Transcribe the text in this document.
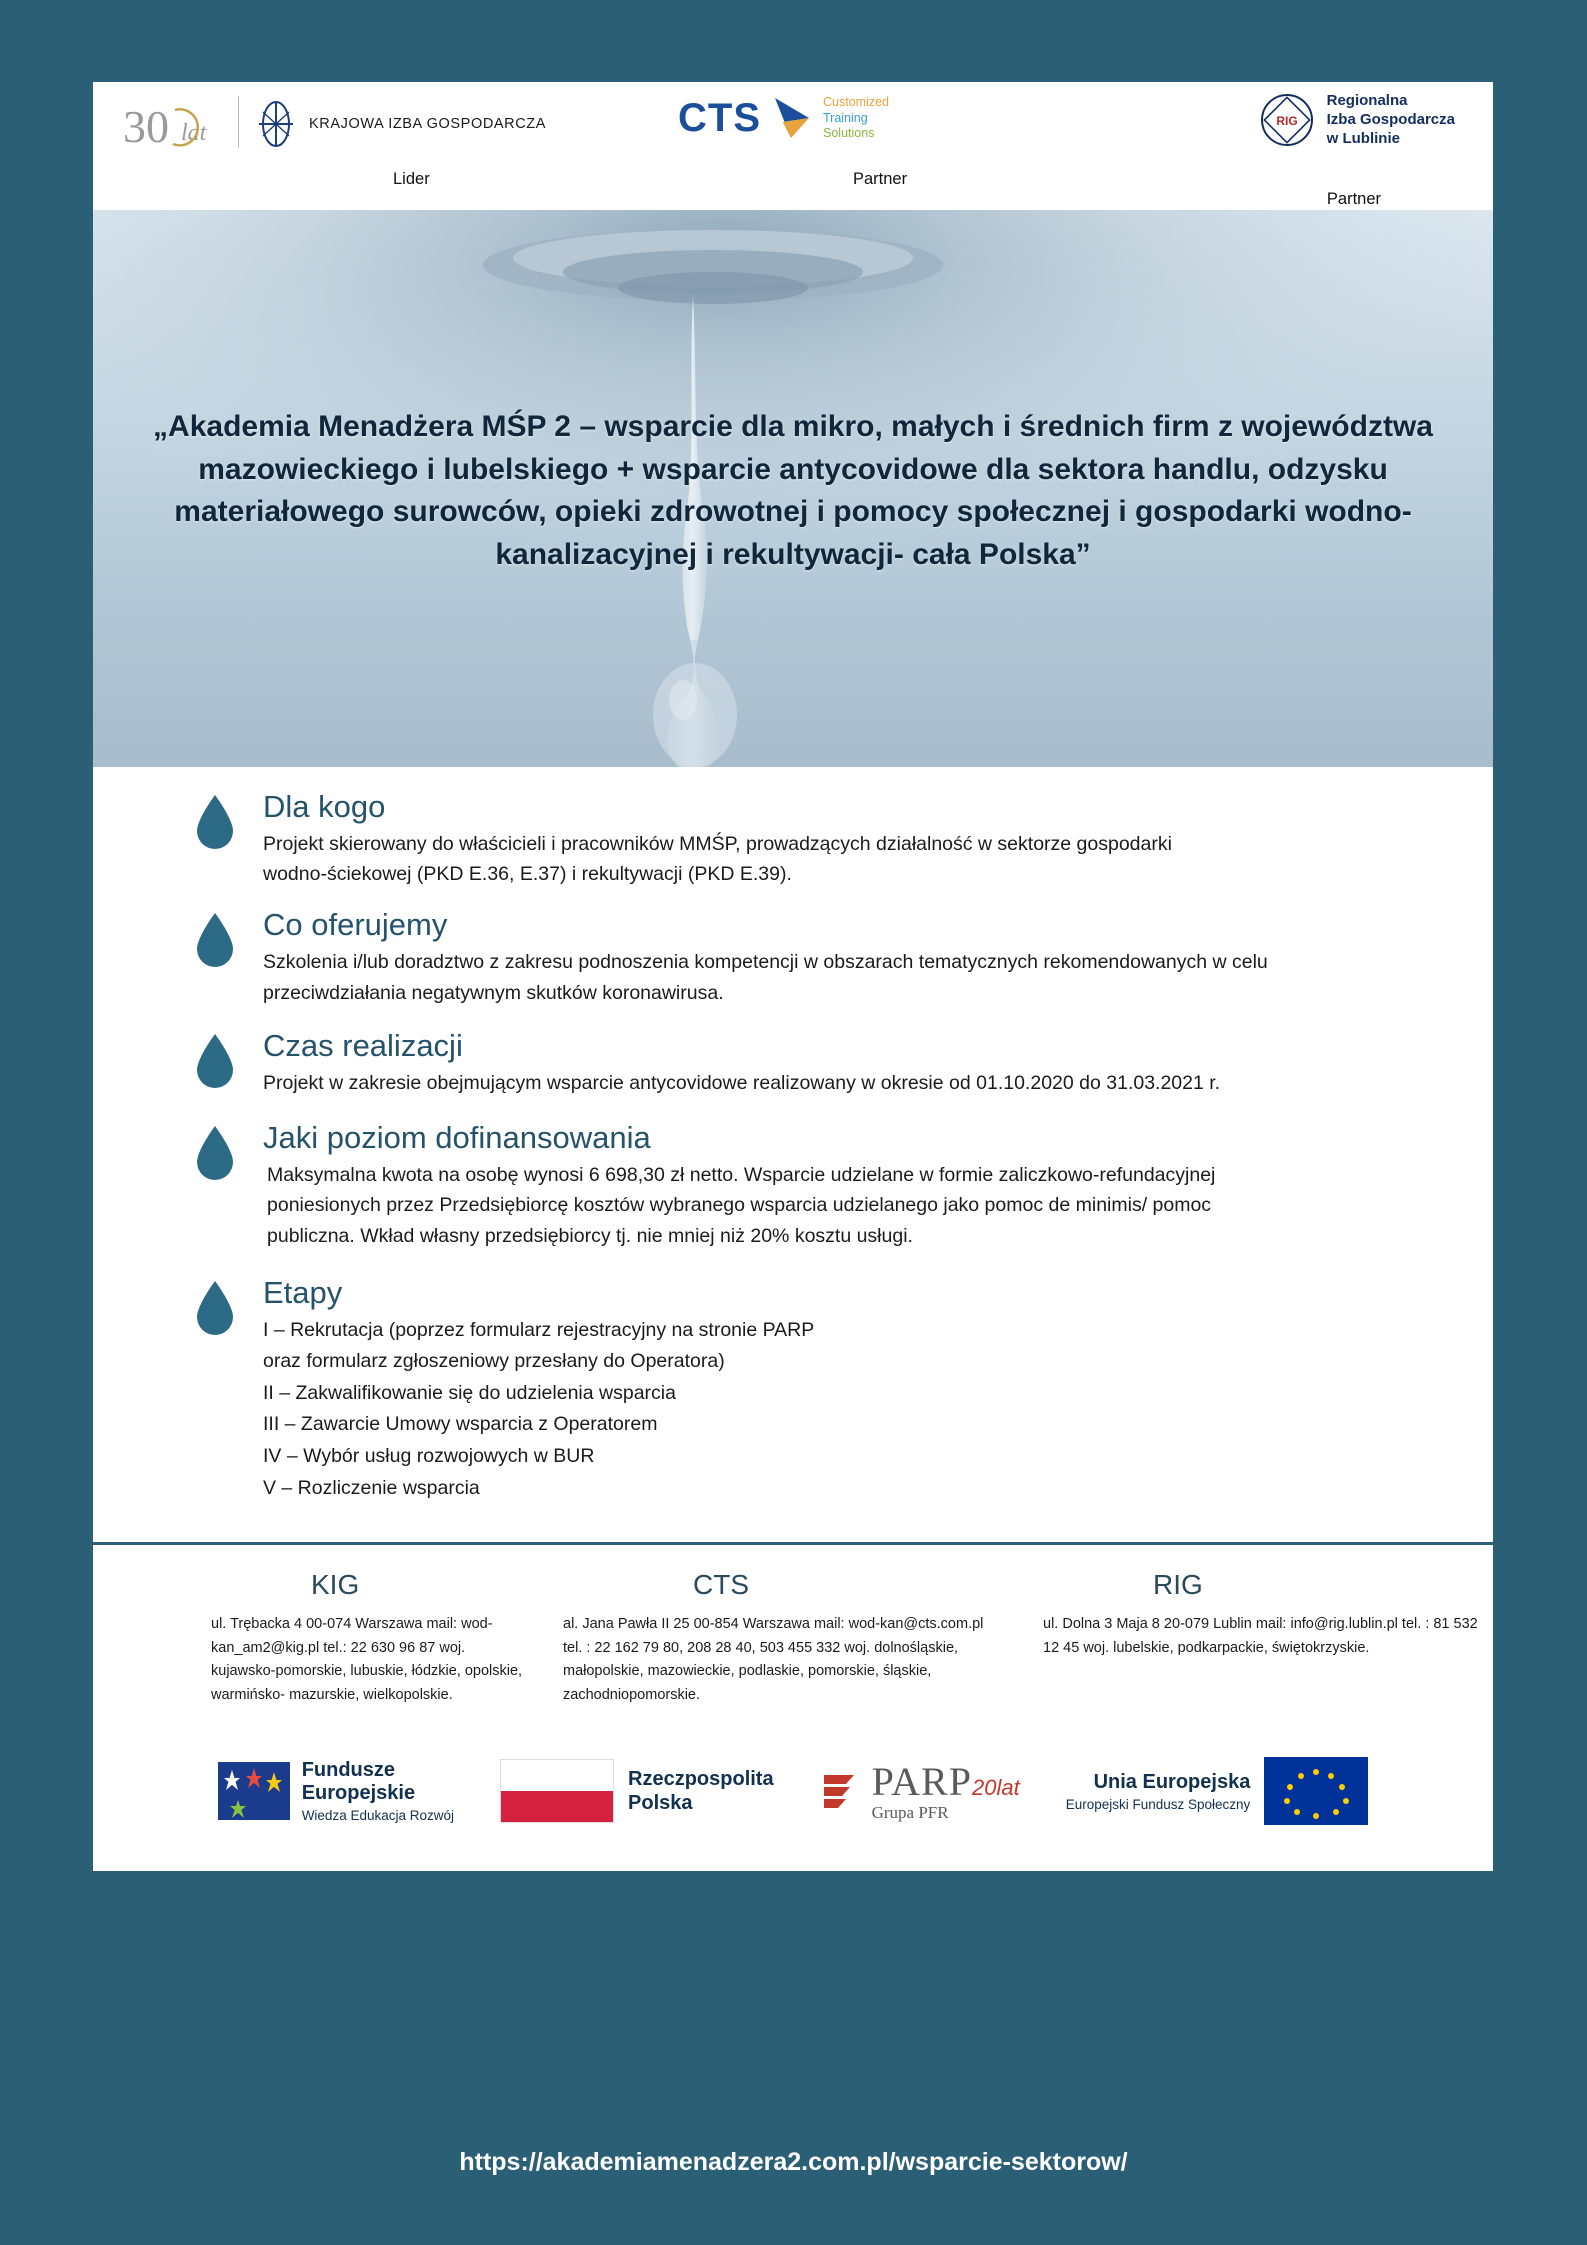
30 lat	KRAJOWA IZBA GOSPODARCZA	CTS	Customized
Training
Solutions
RIG
Regionalna
Izba Gospodarcza
w Lublinie
Lider	Partner
Partner
„Akademia Menadżera MŚP 2 – wsparcie dla mikro, małych i średnich firm z województwa mazowieckiego i lubelskiego + wsparcie antycovidowe dla sektora handlu, odzysku materiałowego surowców, opieki zdrowotnej i pomocy społecznej i gospodarki wodno-kanalizacyjnej i rekultywacji- cała Polska”
Dla kogo
Projekt skierowany do właścicieli i pracowników MMŚP, prowadzących działalność w sektorze gospodarki
wodno-ściekowej (PKD E.36, E.37) i rekultywacji (PKD E.39).
Co oferujemy
Szkolenia i/lub doradztwo z zakresu podnoszenia kompetencji w obszarach tematycznych rekomendowanych w celu
przeciwdziałania negatywnym skutków koronawirusa.
Czas realizacji
Projekt w zakresie obejmującym wsparcie antycovidowe realizowany w okresie od 01.10.2020 do 31.03.2021 r.
Jaki poziom dofinansowania
Maksymalna kwota na osobę wynosi 6 698,30 zł netto. Wsparcie udzielane w formie zaliczkowo-refundacyjnej
poniesionych przez Przedsiębiorcę kosztów wybranego wsparcia udzielanego jako pomoc de minimis/ pomoc
publiczna. Wkład własny przedsiębiorcy tj. nie mniej niż 20% kosztu usługi.
Etapy
I – Rekrutacja (poprzez formularz rejestracyjny na stronie PARP
oraz formularz zgłoszeniowy przesłany do Operatora)
II – Zakwalifikowanie się do udzielenia wsparcia
III – Zawarcie Umowy wsparcia z Operatorem
IV – Wybór usług rozwojowych w BUR
V – Rozliczenie wsparcia
KIG
ul. Trębacka 4 00-074 Warszawa mail: wod-kan_am2@kig.pl tel.: 22 630 96 87 woj. kujawsko-pomorskie, lubuskie, łódzkie, opolskie, warmińsko- mazurskie, wielkopolskie.
CTS
al. Jana Pawła II 25 00-854 Warszawa mail: wod-kan@cts.com.pl tel. : 22 162 79 80, 208 28 40, 503 455 332 woj. dolnośląskie, małopolskie, mazowieckie, podlaskie, pomorskie, śląskie, zachodniopomorskie.
RIG
ul. Dolna 3 Maja 8 20-079 Lublin mail: info@rig.lublin.pl tel. : 81 532 12 45 woj. lubelskie, podkarpackie, świętokrzyskie.
Fundusze
Europejskie
Wiedza Edukacja Rozwój
Rzeczpospolita
Polska	PARP20lat
Grupa PFR
Unia Europejska
Europejski Fundusz Społeczny
https://akademiamenadzera2.com.pl/wsparcie-sektorow/
